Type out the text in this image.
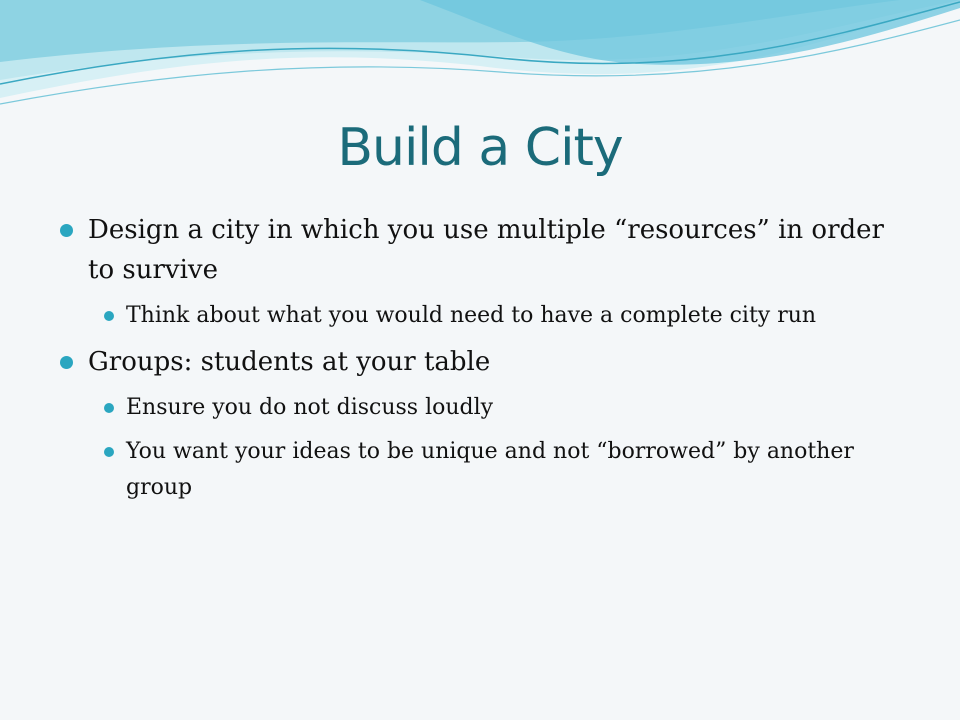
Build a City
Design a city in which you use multiple “resources” in order to survive
Think about what you would need to have a complete city run
Groups: students at your table
Ensure you do not discuss loudly
You want your ideas to be unique and not “borrowed” by another group
